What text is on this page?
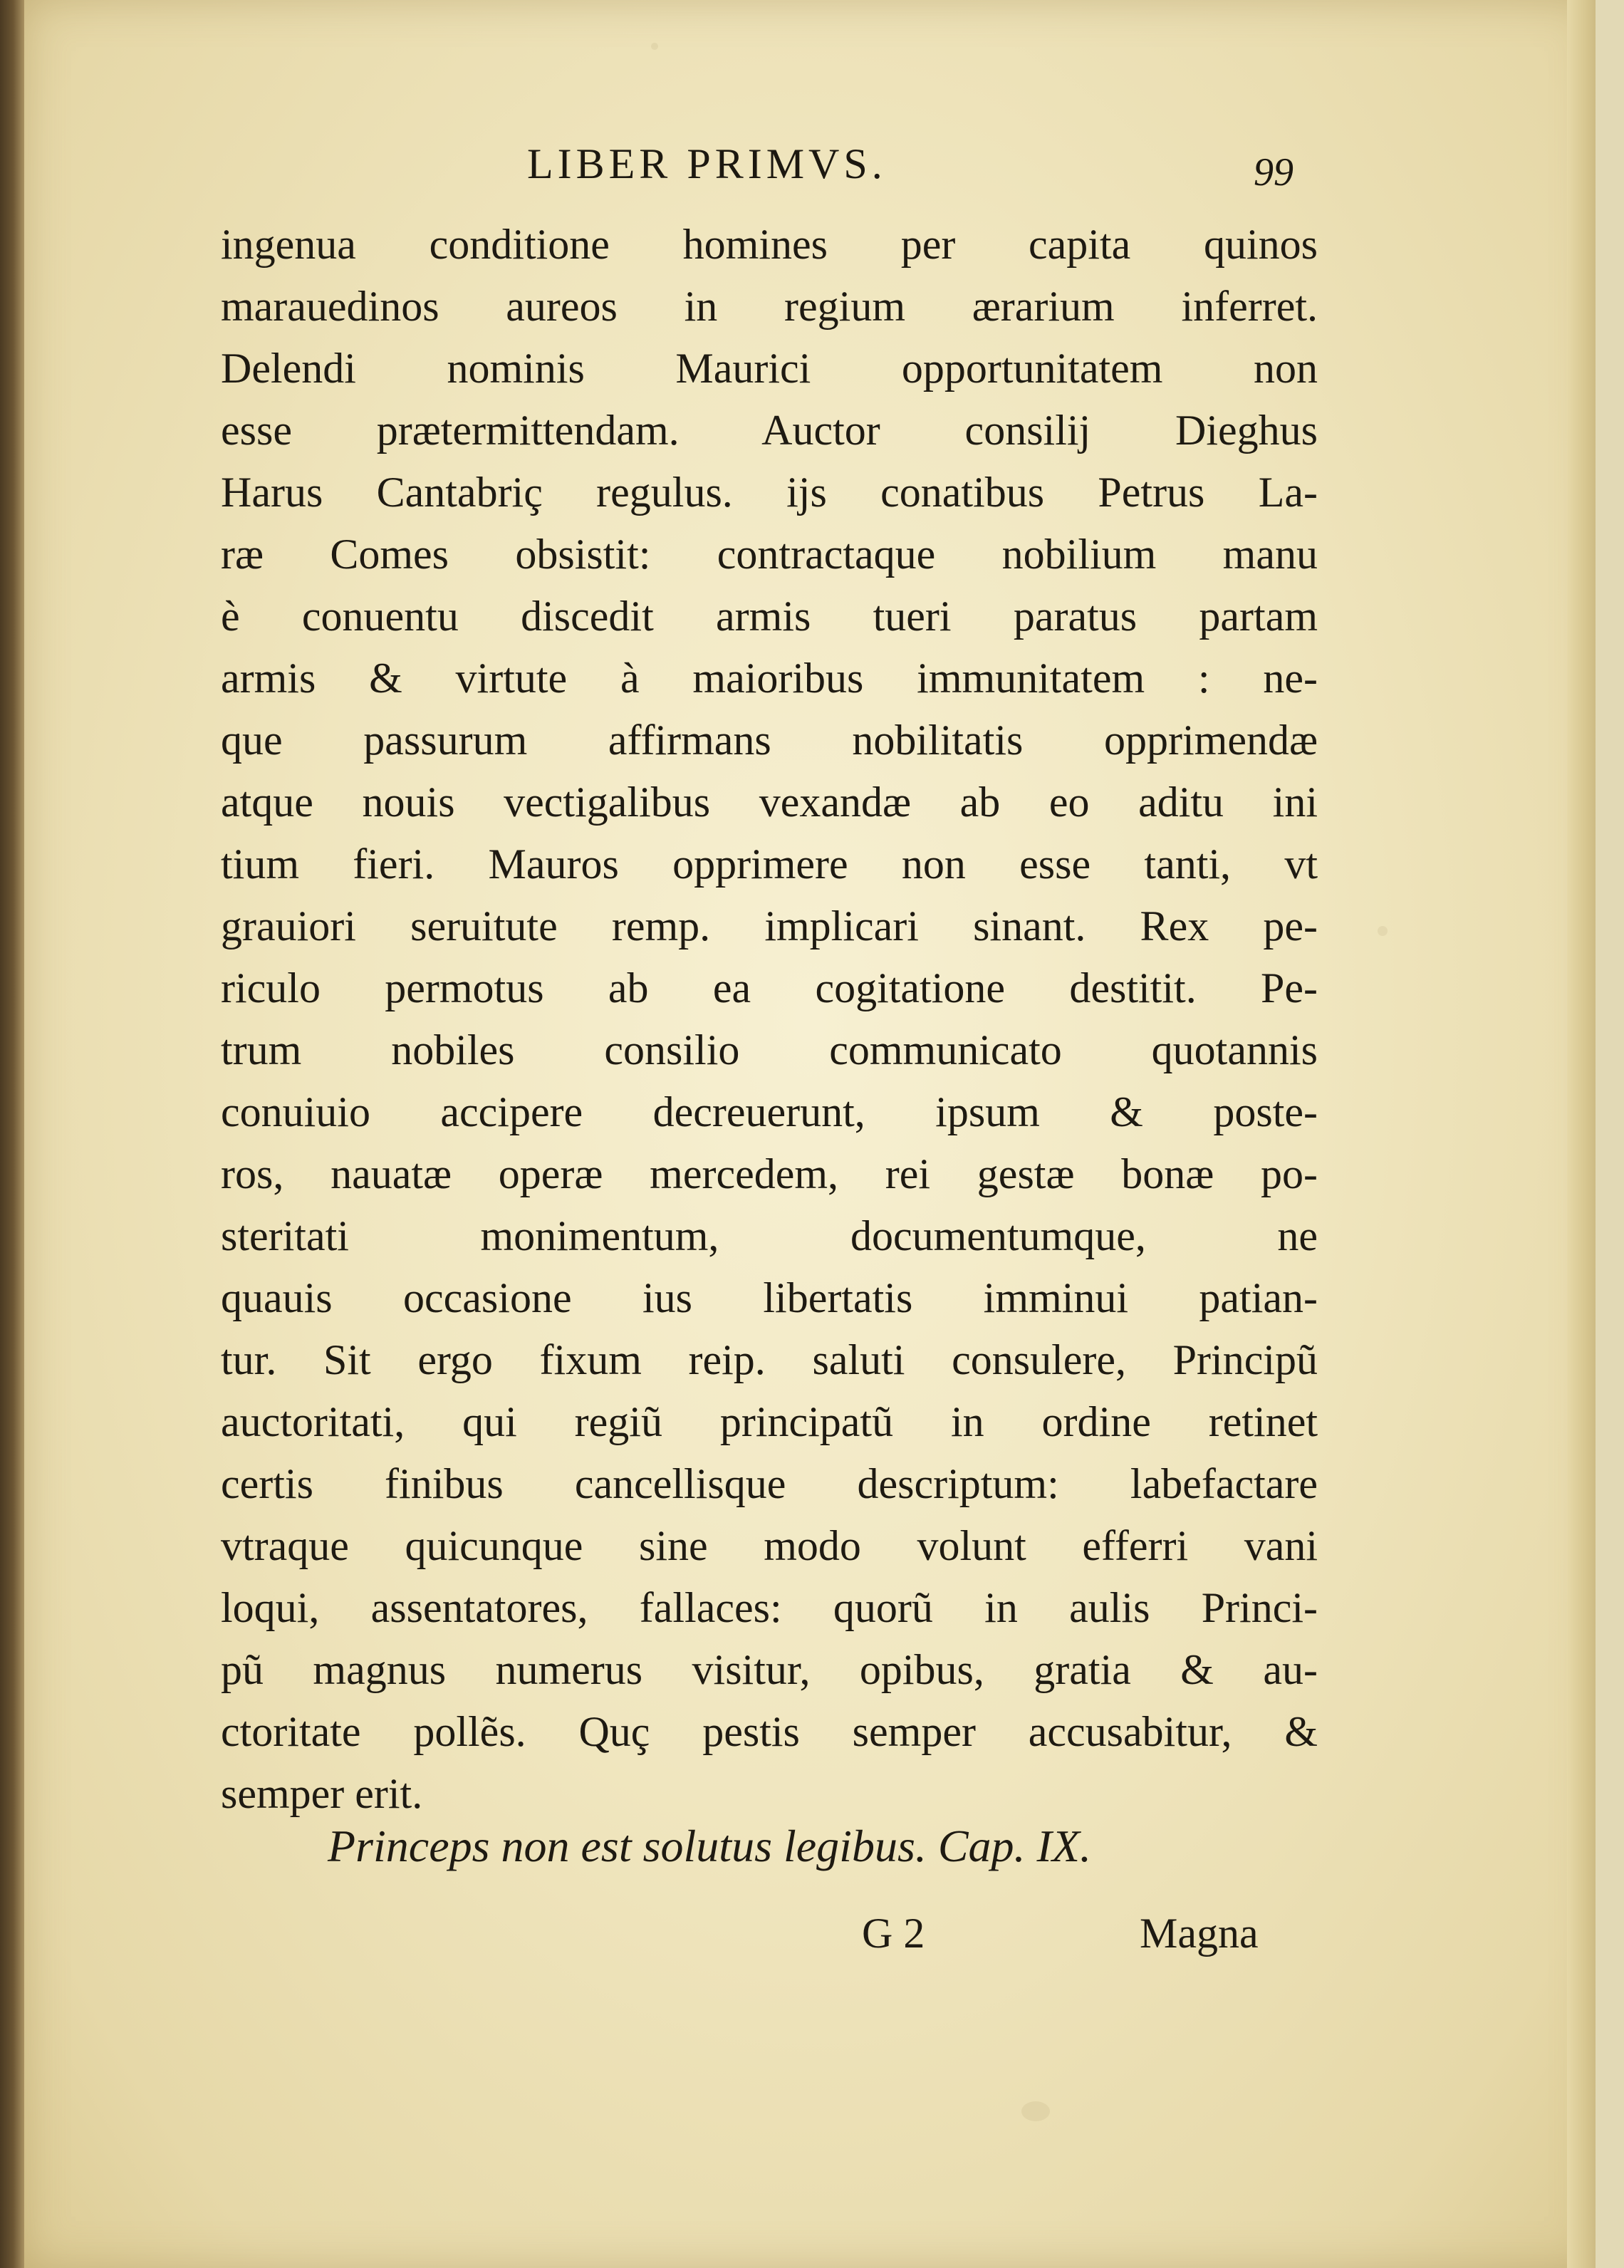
LIBER PRIMVS.	99
ingenua conditione homines per capita quinos
marauedinos aureos in regium ærarium inferret.
Delendi nominis Maurici opportunitatem non
esse prætermittendam. Auctor consilij Dieghus
Harus Cantabriç regulus. ijs conatibus Petrus La-
ræ Comes obsistit: contractaque nobilium manu
è conuentu discedit armis tueri paratus partam
armis & virtute à maioribus immunitatem : ne-
que passurum affirmans nobilitatis opprimendæ
atque nouis vectigalibus vexandæ ab eo aditu ini
tium fieri. Mauros opprimere non esse tanti, vt
grauiori seruitute remp. implicari sinant. Rex pe-
riculo permotus ab ea cogitatione destitit. Pe-
trum nobiles consilio communicato quotannis
conuiuio accipere decreuerunt, ipsum & poste-
ros, nauatæ operæ mercedem, rei gestæ bonæ po-
steritati monimentum, documentumque, ne
quauis occasione ius libertatis imminui patian-
tur. Sit ergo fixum reip. saluti consulere, Principũ
auctoritati, qui regiũ principatũ in ordine retinet
certis finibus cancellisque descriptum: labefactare
vtraque quicunque sine modo volunt efferri vani
loqui, assentatores, fallaces: quorũ in aulis Princi-
pũ magnus numerus visitur, opibus, gratia & au-
ctoritate pollẽs. Quç pestis semper accusabitur, &
semper erit.
Princeps non est solutus legibus. Cap. IX.
G 2	Magna
